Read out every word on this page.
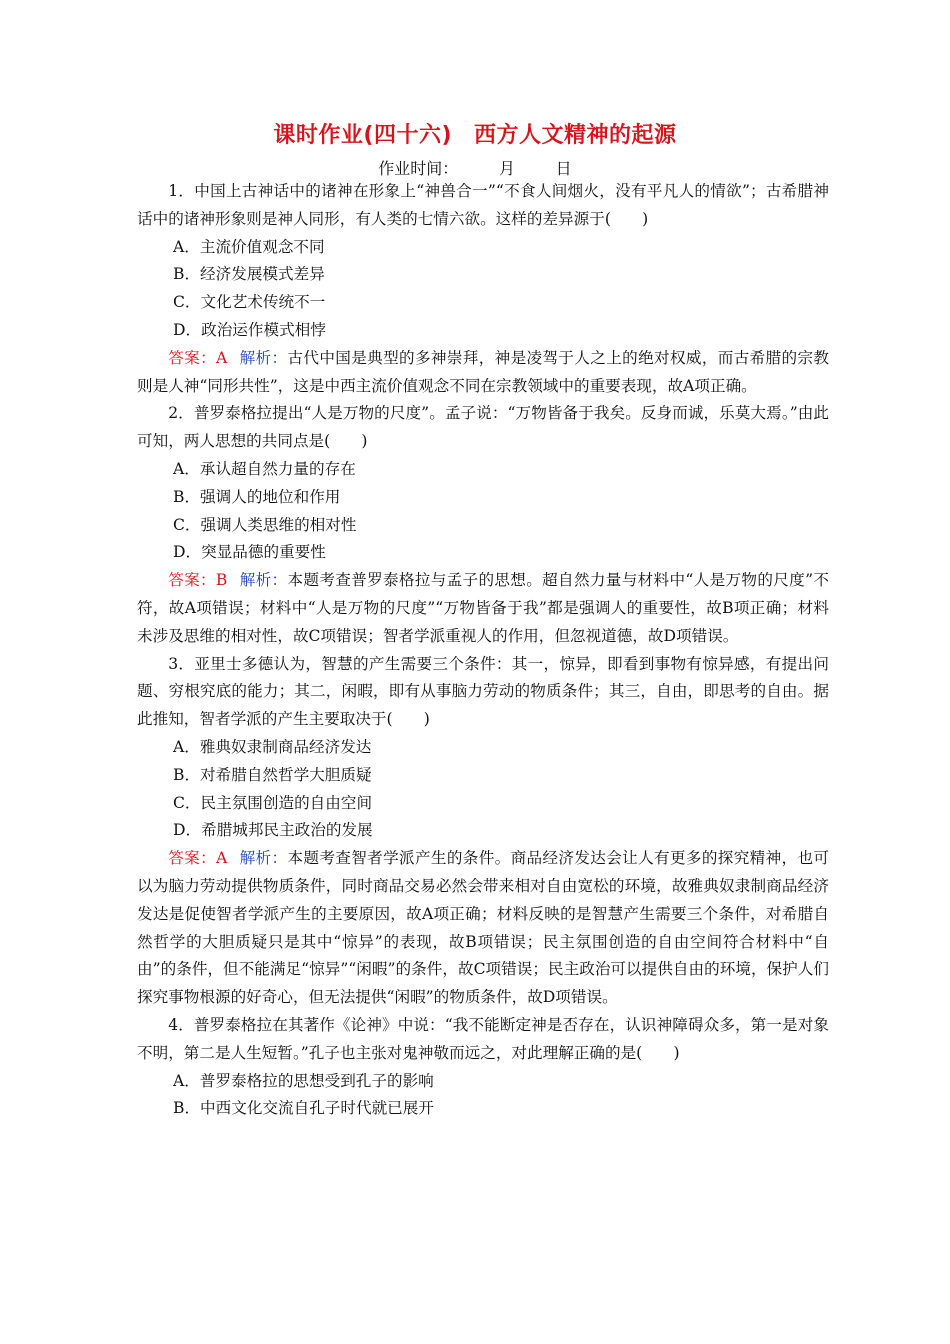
课时作业(四十六) 西方人文精神的起源
作业时间：        月        日

1．中国上古神话中的诸神在形象上“神兽合一”“不食人间烟火，没有平凡人的情欲”；古希腊神话中的诸神形象则是神人同形，有人类的七情六欲。这样的差异源于(　　)

A．主流价值观念不同

B．经济发展模式差异

C．文化艺术传统不一

D．政治运作模式相悖

答案：A 解析：古代中国是典型的多神崇拜，神是凌驾于人之上的绝对权威，而古希腊的宗教则是人神“同形共性”，这是中西主流价值观念不同在宗教领域中的重要表现，故A项正确。

2．普罗泰格拉提出“人是万物的尺度”。孟子说：“万物皆备于我矣。反身而诚，乐莫大焉。”由此可知，两人思想的共同点是(　　)

A．承认超自然力量的存在

B．强调人的地位和作用

C．强调人类思维的相对性

D．突显品德的重要性

答案：B 解析：本题考查普罗泰格拉与孟子的思想。超自然力量与材料中“人是万物的尺度”不符，故A项错误；材料中“人是万物的尺度”“万物皆备于我”都是强调人的重要性，故B项正确；材料未涉及思维的相对性，故C项错误；智者学派重视人的作用，但忽视道德，故D项错误。

3．亚里士多德认为，智慧的产生需要三个条件：其一，惊异，即看到事物有惊异感，有提出问题、穷根究底的能力；其二，闲暇，即有从事脑力劳动的物质条件；其三，自由，即思考的自由。据此推知，智者学派的产生主要取决于(　　)

A．雅典奴隶制商品经济发达

B．对希腊自然哲学大胆质疑

C．民主氛围创造的自由空间

D．希腊城邦民主政治的发展

答案：A 解析：本题考查智者学派产生的条件。商品经济发达会让人有更多的探究精神，也可以为脑力劳动提供物质条件，同时商品交易必然会带来相对自由宽松的环境，故雅典奴隶制商品经济发达是促使智者学派产生的主要原因，故A项正确；材料反映的是智慧产生需要三个条件，对希腊自然哲学的大胆质疑只是其中“惊异”的表现，故B项错误；民主氛围创造的自由空间符合材料中“自由”的条件，但不能满足“惊异”“闲暇”的条件，故C项错误；民主政治可以提供自由的环境，保护人们探究事物根源的好奇心，但无法提供“闲暇”的物质条件，故D项错误。

4．普罗泰格拉在其著作《论神》中说：“我不能断定神是否存在，认识神障碍众多，第一是对象不明，第二是人生短暂。”孔子也主张对鬼神敬而远之，对此理解正确的是(　　)

A．普罗泰格拉的思想受到孔子的影响

B．中西文化交流自孔子时代就已展开
